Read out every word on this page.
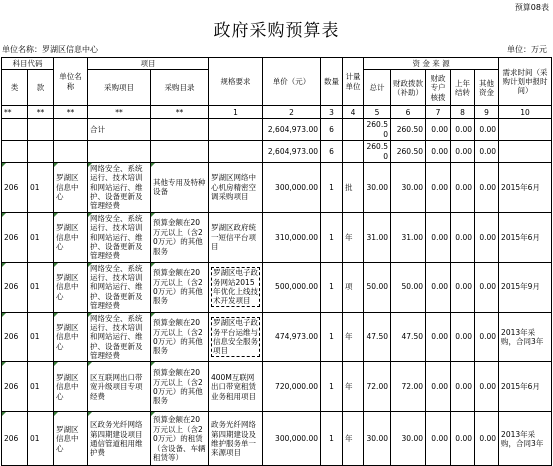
预算08表
政府采购预算表
单位名称：罗湖区信息中心	单位：万元
科目代码		单位名称	项目		规格要求	单价（元）	数量	计量单位	资 金 来 源					需求时间（采购计划申报时间）
类	款		采购项目	采购目录					总计	财政拨款（补助）	财政专户核拨	上年结转	其他资金	

**	**	**	**	**	1	2	3	4	5	6	7	8	9	10
			合计			2,604,973.00	6		260.50	260.50	0.00	0.00	0.00	
						2,604,973.00	6		260.50	260.50	0.00	0.00	0.00	
206	01	罗湖区信息中心	网络安全、系统运行、技术培训和网站运行、维护、设备更新及管理经费	其他专用及特种设备	罗湖区网络中心机房精密空调采购项目	300,000.00	1	批	30.00	30.00	0.00	0.00	0.00	2015年6月
206	01	罗湖区信息中心	网络安全、系统运行、技术培训和网站运行、维护、设备更新及管理经费	预算金额在20万元以上（含20万元）的其他服务	罗湖区政府统一短信平台项目	310,000.00	1	年	31.00	31.00	0.00	0.00	0.00	2015年6月
206	01	罗湖区信息中心	网络安全、系统运行、技术培训和网站运行、维护、设备更新及管理经费	预算金额在20万元以上（含20万元）的其他服务	罗湖区电子政务网站2015年优化上线技术开发项目	500,000.00	1	项	50.00	50.00	0.00	0.00	0.00	2015年9月
206	01	罗湖区信息中心	网络安全、系统运行、技术培训和网站运行、维护、设备更新及管理经费	预算金额在20万元以上（含20万元）的其他服务	罗湖区电子政务平台运维与信息安全服务项目	474,973.00	1	年	47.50	47.50	0.00	0.00	0.00	2013年采购，合同3年
206	01	罗湖区信息中心	区互联网出口带宽升级项目专项经费	预算金额在20万元以上（含20万元）的其他服务	400M互联网出口带宽租赁业务租用项目	720,000.00	1	年	72.00	72.00	0.00	0.00	0.00	2015年6月
206	01	罗湖区信息中心	区政务光纤网络第四期建设项目通信管道租用维护费	预算金额在20万元以上（含20万元）的租赁（含设备、车辆租赁等）	政务光纤网络第四期建设及维护服务单一来源项目	300,000.00	1	年	30.00	30.00	0.00	0.00	0.00	2013年采购，合同3年
